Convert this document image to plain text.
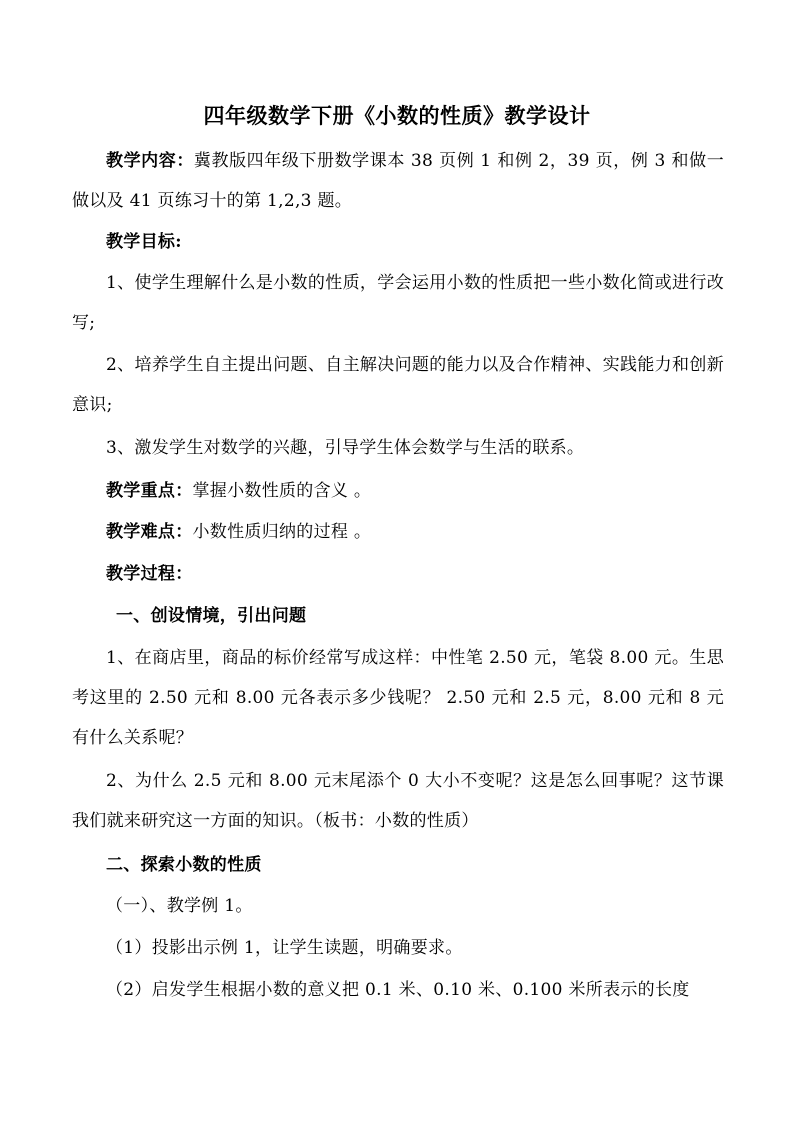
四年级数学下册《小数的性质》教学设计

教学内容：冀教版四年级下册数学课本 38 页例 1 和例 2，39 页，例 3 和做一做以及 41 页练习十的第 1,2,3 题。

教学目标:

1、使学生理解什么是小数的性质，学会运用小数的性质把一些小数化简或进行改写;

2、培养学生自主提出问题、自主解决问题的能力以及合作精神、实践能力和创新意识;

3、激发学生对数学的兴趣，引导学生体会数学与生活的联系。

教学重点：掌握小数性质的含义 。

教学难点：小数性质归纳的过程 。

教学过程：

一、创设情境，引出问题

1、在商店里，商品的标价经常写成这样：中性笔 2.50 元，笔袋 8.00 元。生思考这里的 2.50 元和 8.00 元各表示多少钱呢？ 2.50 元和 2.5 元，8.00 元和 8 元有什么关系呢？

2、为什么 2.5 元和 8.00 元末尾添个 0 大小不变呢？这是怎么回事呢？这节课我们就来研究这一方面的知识。（板书：小数的性质）

二、探索小数的性质

（一）、教学例 1。

（1）投影出示例 1，让学生读题，明确要求。

（2）启发学生根据小数的意义把 0.1 米、0.10 米、0.100 米所表示的长度
